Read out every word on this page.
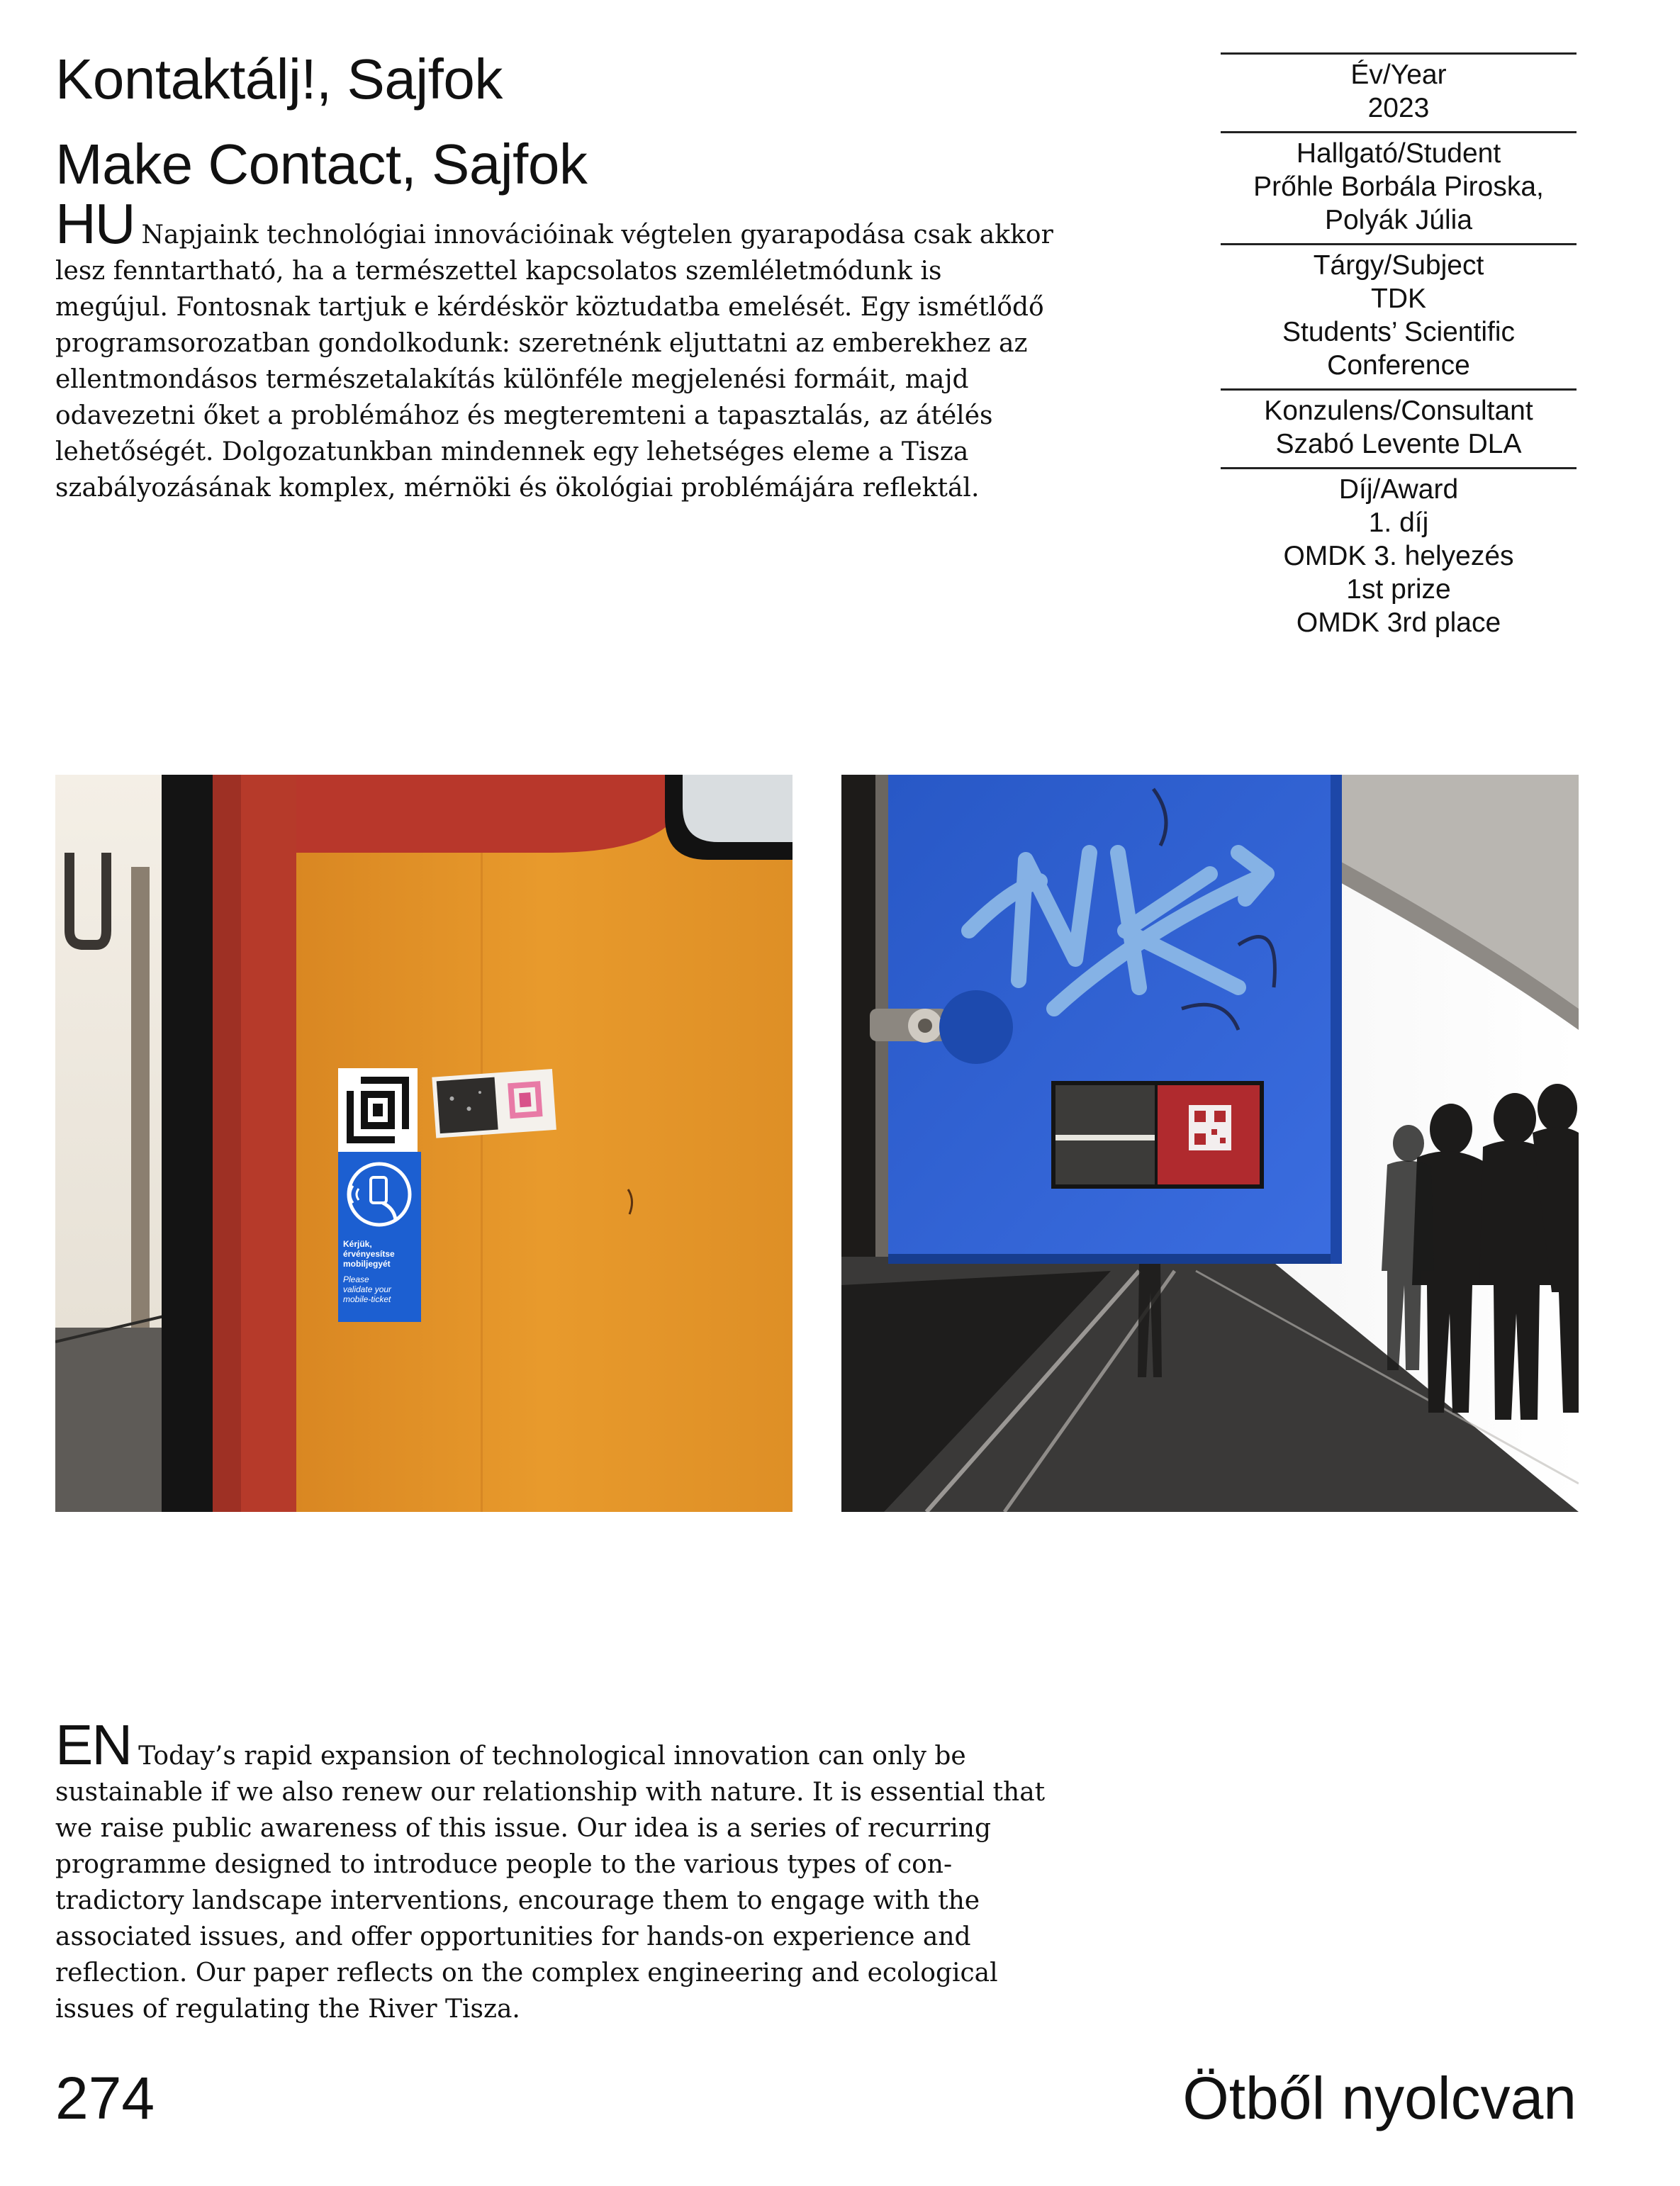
Kontaktálj!, Sajfok
Make Contact, Sajfok

HU Napjaink technológiai innovációinak végtelen gyarapodása csak akkor lesz fenntartható, ha a természettel kapcsolatos szemléletmódunk is megújul. Fontosnak tartjuk e kérdéskör köztudatba emelését. Egy ismétlődő programsorozatban gondolkodunk: szeretnénk eljuttatni az emberekhez az ellentmondásos természetalakítás különféle megjelenési formáit, majd odavezetni őket a problémához és megteremteni a tapasztalás, az átélés lehetőségét. Dolgozatunkban mindennek egy lehetséges eleme a Tisza szabályozásának komplex, mérnöki és ökológiai problémájára reflektál.

Év/Year
2023
Hallgató/Student
Prőhle Borbála Piroska,
Polyák Júlia
Tárgy/Subject
TDK
Students’ Scientific
Conference
Konzulens/Consultant
Szabó Levente DLA
Díj/Award
1. díj
OMDK 3. helyezés
1st prize
OMDK 3rd place
Kérjük,
érvényesítse
mobiljegyét
Please
validate your
mobile-ticket

EN Today’s rapid expansion of technological innovation can only be sustainable if we also renew our relationship with nature. It is essential that we raise public awareness of this issue. Our idea is a series of recurring programme designed to introduce people to the various types of contradictory landscape interventions, encourage them to engage with the associated issues, and offer opportunities for hands-on experience and reflection. Our paper reflects on the complex engineering and ecological issues of regulating the River Tisza.

274	Ötből nyolcvan
